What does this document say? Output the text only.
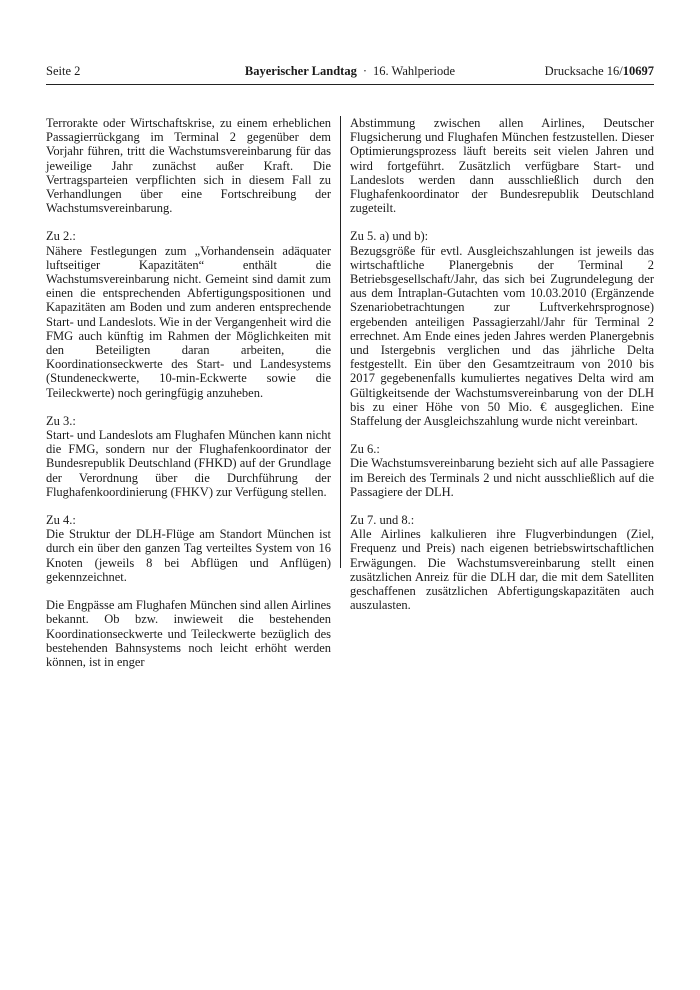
Seite 2	Bayerischer Landtag · 16. Wahlperiode	Drucksache 16/10697
Terrorakte oder Wirtschaftskrise, zu einem erheblichen Passagierrückgang im Terminal 2 gegenüber dem Vorjahr führen, tritt die Wachstumsvereinbarung für das jeweilige Jahr zunächst außer Kraft. Die Vertragsparteien verpflichten sich in diesem Fall zu Verhandlungen über eine Fortschreibung der Wachstumsvereinbarung.
Zu 2.:
Nähere Festlegungen zum „Vorhandensein adäquater luftseitiger Kapazitäten“ enthält die Wachstumsvereinbarung nicht. Gemeint sind damit zum einen die entsprechenden Abfertigungspositionen und Kapazitäten am Boden und zum anderen entsprechende Start- und Landeslots. Wie in der Vergangenheit wird die FMG auch künftig im Rahmen der Möglichkeiten mit den Beteiligten daran arbeiten, die Koordinationseckwerte des Start- und Landesystems (Stundeneckwerte, 10-min-Eckwerte sowie die Teileckwerte) noch geringfügig anzuheben.
Zu 3.:
Start- und Landeslots am Flughafen München kann nicht die FMG, sondern nur der Flughafenkoordinator der Bundesrepublik Deutschland (FHKD) auf der Grundlage der Verordnung über die Durchführung der Flughafenkoordinierung (FHKV) zur Verfügung stellen.
Zu 4.:
Die Struktur der DLH-Flüge am Standort München ist durch ein über den ganzen Tag verteiltes System von 16 Knoten (jeweils 8 bei Abflügen und Anflügen) gekennzeichnet.
Die Engpässe am Flughafen München sind allen Airlines bekannt. Ob bzw. inwieweit die bestehenden Koordinationseckwerte und Teileckwerte bezüglich des bestehenden Bahnsystems noch leicht erhöht werden können, ist in enger
Abstimmung zwischen allen Airlines, Deutscher Flugsicherung und Flughafen München festzustellen. Dieser Optimierungsprozess läuft bereits seit vielen Jahren und wird fortgeführt. Zusätzlich verfügbare Start- und Landeslots werden dann ausschließlich durch den Flughafenkoordinator der Bundesrepublik Deutschland zugeteilt.
Zu 5. a) und b):
Bezugsgröße für evtl. Ausgleichszahlungen ist jeweils das wirtschaftliche Planergebnis der Terminal 2 Betriebsgesellschaft/Jahr, das sich bei Zugrundelegung der aus dem Intraplan-Gutachten vom 10.03.2010 (Ergänzende Szenariobetrachtungen zur Luftverkehrsprognose) ergebenden anteiligen Passagierzahl/Jahr für Terminal 2 errechnet. Am Ende eines jeden Jahres werden Planergebnis und Istergebnis verglichen und das jährliche Delta festgestellt. Ein über den Gesamtzeitraum von 2010 bis 2017 gegebenenfalls kumuliertes negatives Delta wird am Gültigkeitsende der Wachstumsvereinbarung von der DLH bis zu einer Höhe von 50 Mio. € ausgeglichen. Eine Staffelung der Ausgleichszahlung wurde nicht vereinbart.
Zu 6.:
Die Wachstumsvereinbarung bezieht sich auf alle Passagiere im Bereich des Terminals 2 und nicht ausschließlich auf die Passagiere der DLH.
Zu 7. und 8.:
Alle Airlines kalkulieren ihre Flugverbindungen (Ziel, Frequenz und Preis) nach eigenen betriebswirtschaftlichen Erwägungen. Die Wachstumsvereinbarung stellt einen zusätzlichen Anreiz für die DLH dar, die mit dem Satelliten geschaffenen zusätzlichen Abfertigungskapazitäten auch auszulasten.
